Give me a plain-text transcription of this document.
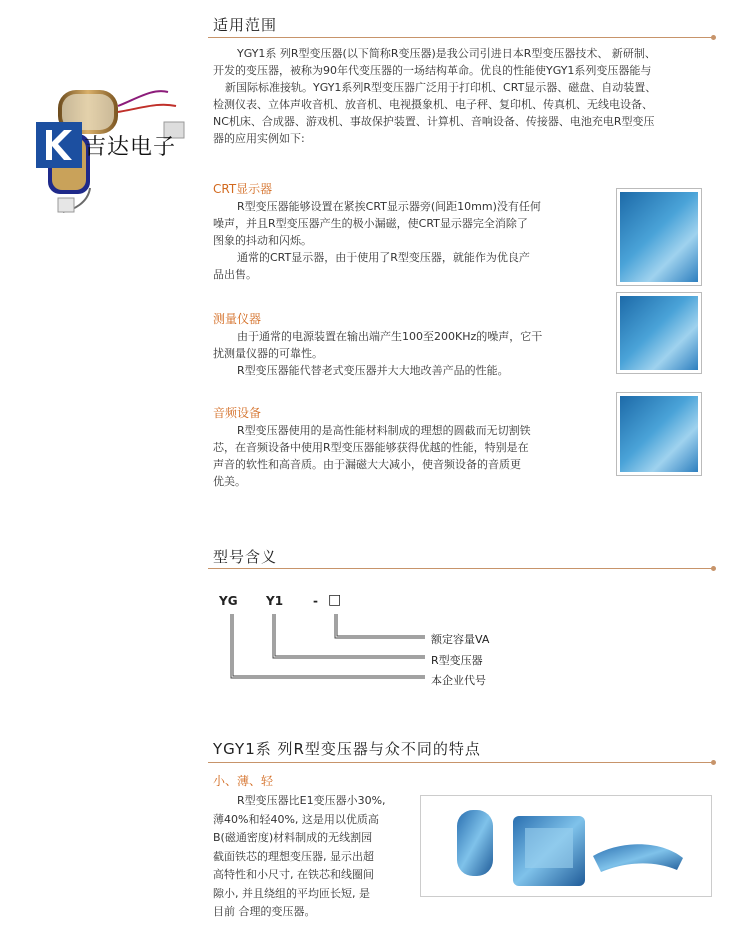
吉达电子
适用范围

YGY1系 列R型变压器(以下简称R变压器)是我公司引进日本R型变压器技术、 新研制、

开发的变压器，被称为90年代变压器的一场结构革命。优良的性能使YGY1系列变压器能与

新国际标准接轨。YGY1系列R型变压器广泛用于打印机、CRT显示器、磁盘、自动装置、

检测仪表、立体声收音机、放音机、电视摄象机、电子秤、复印机、传真机、无线电设备、

NC机床、合成器、游戏机、事故保护装置、计算机、音响设备、传接器、电池充电R型变压

器的应用实例如下:

CRT显示器

R型变压器能够设置在紧挨CRT显示器旁(间距10mm)没有任何

噪声，并且R型变压器产生的极小漏磁，使CRT显示器完全消除了

图象的抖动和闪烁。

通常的CRT显示器，由于使用了R型变压器，就能作为优良产

品出售。

测量仪器

由于通常的电源装置在输出端产生100至200KHz的噪声，它干

扰测量仪器的可靠性。

R型变压器能代替老式变压器并大大地改善产品的性能。

音频设备

R型变压器使用的是高性能材料制成的理想的圆截而无切割铁

芯，在音频设备中使用R型变压器能够获得优越的性能，特别是在

声音的软性和高音质。由于漏磁大大减小，使音频设备的音质更

优美。

型号含义
YG Y1 - □
额定容量VA
R型变压器
本企业代号
YGY1系 列R型变压器与众不同的特点
小、薄、轻

R型变压器比E1变压器小30%,

薄40%和轻40%, 这是用以优质高

B(磁通密度)材料制成的无线割园

截面铁芯的理想变压器, 显示出超

高特性和小尺寸, 在铁芯和线圈间

隙小, 并且绕组的平均匝长短, 是

目前 合理的变压器。
